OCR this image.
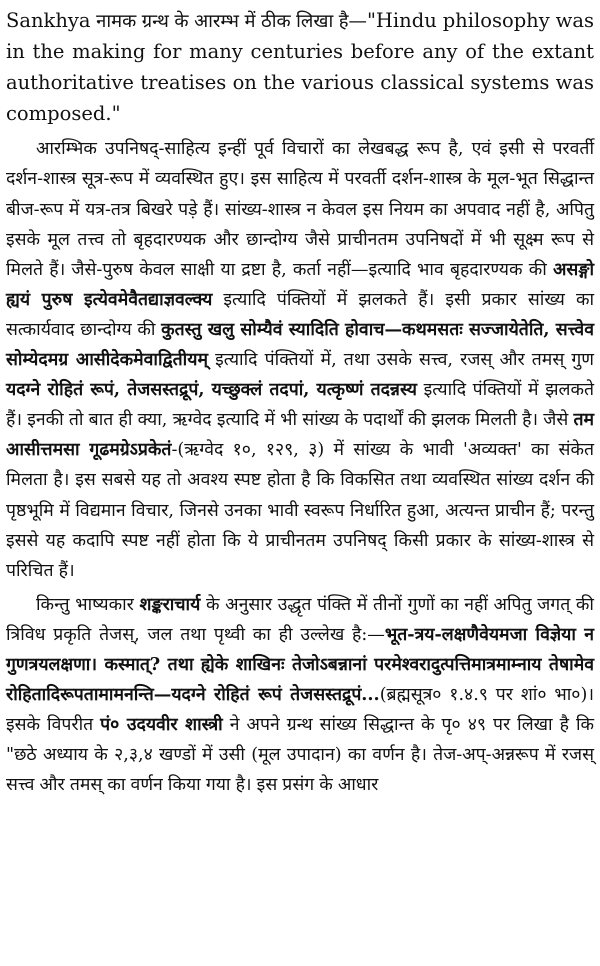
Sankhya नामक ग्रन्थ के आरम्भ में ठीक लिखा है—"Hindu philosophy was in the making for many centuries before any of the extant authoritative treatises on the various classical systems was composed."

आरम्भिक उपनिषद्-साहित्य इन्हीं पूर्व विचारों का लेखबद्ध रूप है, एवं इसी से परवर्ती दर्शन-शास्त्र सूत्र-रूप में व्यवस्थित हुए। इस साहित्य में परवर्ती दर्शन-शास्त्र के मूल-भूत सिद्धान्त बीज-रूप में यत्र-तत्र बिखरे पड़े हैं। सांख्य-शास्त्र न केवल इस नियम का अपवाद नहीं है, अपितु इसके मूल तत्त्व तो बृहदारण्यक और छान्दोग्य जैसे प्राचीनतम उपनिषदों में भी सूक्ष्म रूप से मिलते हैं। जैसे-पुरुष केवल साक्षी या द्रष्टा है, कर्ता नहीं—इत्यादि भाव बृहदारण्यक की असङ्गो ह्ययं पुरुष इत्येवमेवैतद्याज्ञवल्क्य इत्यादि पंक्तियों में झलकते हैं। इसी प्रकार सांख्य का सत्कार्यवाद छान्दोग्य की कुतस्तु खलु सोम्यैवं स्यादिति होवाच—कथमसतः सज्जायेतेति, सत्त्वेव सोम्येदमग्र आसीदेकमेवाद्वितीयम् इत्यादि पंक्तियों में, तथा उसके सत्त्व, रजस् और तमस् गुण यदग्ने रोहितं रूपं, तेजसस्तद्रूपं, यच्छुक्लं तदपां, यत्कृष्णं तदन्नस्य इत्यादि पंक्तियों में झलकते हैं। इनकी तो बात ही क्या, ऋग्वेद इत्यादि में भी सांख्य के पदार्थों की झलक मिलती है। जैसे तम आसीत्तमसा गूढमग्रेऽप्रकेतं-(ऋग्वेद १०, १२९, ३) में सांख्य के भावी 'अव्यक्त' का संकेत मिलता है। इस सबसे यह तो अवश्य स्पष्ट होता है कि विकसित तथा व्यवस्थित सांख्य दर्शन की पृष्ठभूमि में विद्यमान विचार, जिनसे उनका भावी स्वरूप निर्धारित हुआ, अत्यन्त प्राचीन हैं; परन्तु इससे यह कदापि स्पष्ट नहीं होता कि ये प्राचीनतम उपनिषद् किसी प्रकार के सांख्य-शास्त्र से परिचित हैं।

किन्तु भाष्यकार शङ्कराचार्य के अनुसार उद्धृत पंक्ति में तीनों गुणों का नहीं अपितु जगत् की त्रिविध प्रकृति तेजस्, जल तथा पृथ्वी का ही उल्लेख है:—भूत-त्रय-लक्षणैवेयमजा विज्ञेया न गुणत्रयलक्षणा। कस्मात्? तथा ह्येके शाखिनः तेजोऽबन्नानां परमेश्वरादुत्पत्तिमात्रमाम्नाय तेषामेव रोहितादिरूपतामामनन्ति—यदग्ने रोहितं रूपं तेजसस्तद्रूपं...(ब्रह्मसूत्र० १.४.९ पर शां० भा०)। इसके विपरीत पं० उदयवीर शास्त्री ने अपने ग्रन्थ सांख्य सिद्धान्त के पृ० ४९ पर लिखा है कि "छठे अध्याय के २,३,४ खण्डों में उसी (मूल उपादान) का वर्णन है। तेज-अप्-अन्नरूप में रजस् सत्त्व और तमस् का वर्णन किया गया है। इस प्रसंग के आधार
